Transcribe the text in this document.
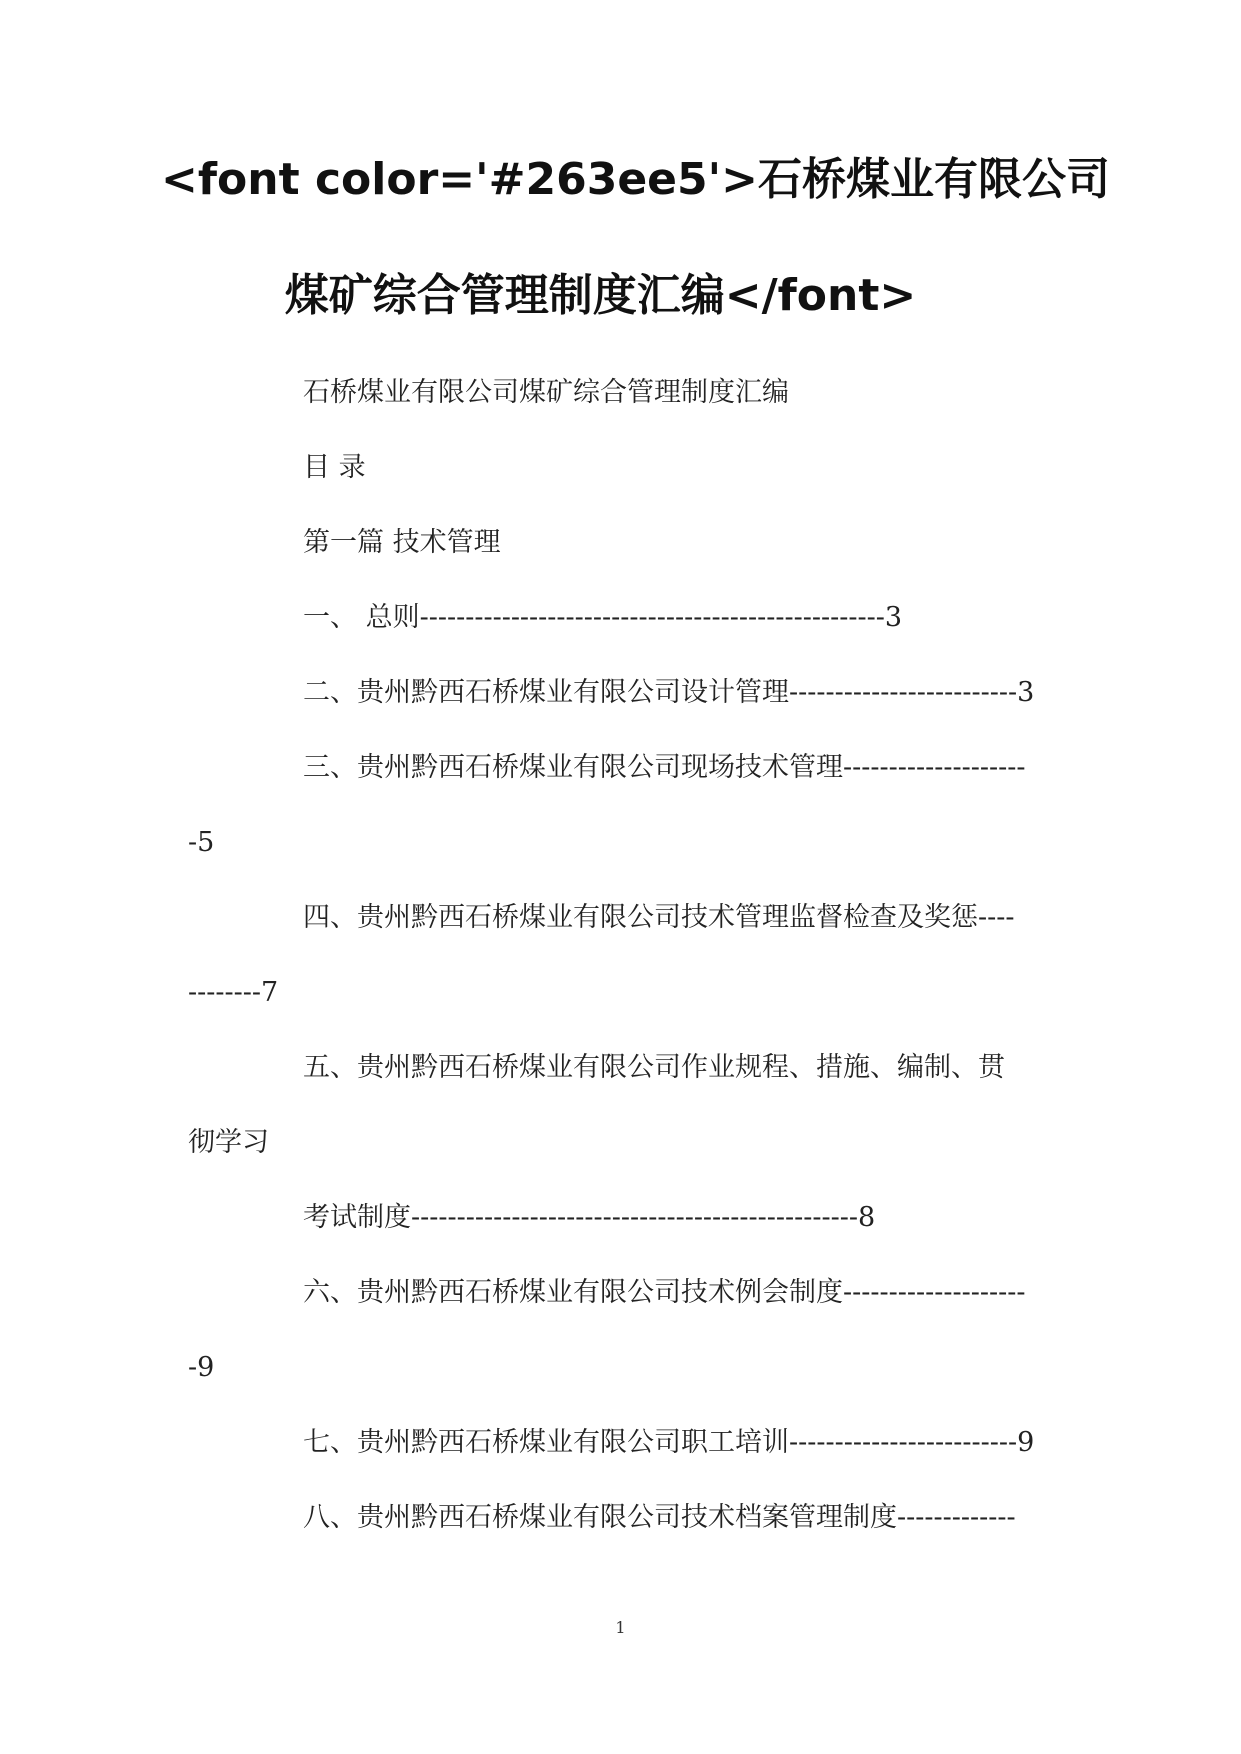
<font color='#263ee5'>石桥煤业有限公司
煤矿综合管理制度汇编</font>
石桥煤业有限公司煤矿综合管理制度汇编
目 录
第一篇 技术管理
一、 总则---------------------------------------------------3
二、贵州黔西石桥煤业有限公司设计管理-------------------------3
三、贵州黔西石桥煤业有限公司现场技术管理--------------------
-5
四、贵州黔西石桥煤业有限公司技术管理监督检查及奖惩----
--------7
五、贵州黔西石桥煤业有限公司作业规程、措施、编制、贯
彻学习
考试制度-------------------------------------------------8
六、贵州黔西石桥煤业有限公司技术例会制度--------------------
-9
七、贵州黔西石桥煤业有限公司职工培训-------------------------9
八、贵州黔西石桥煤业有限公司技术档案管理制度-------------
1
